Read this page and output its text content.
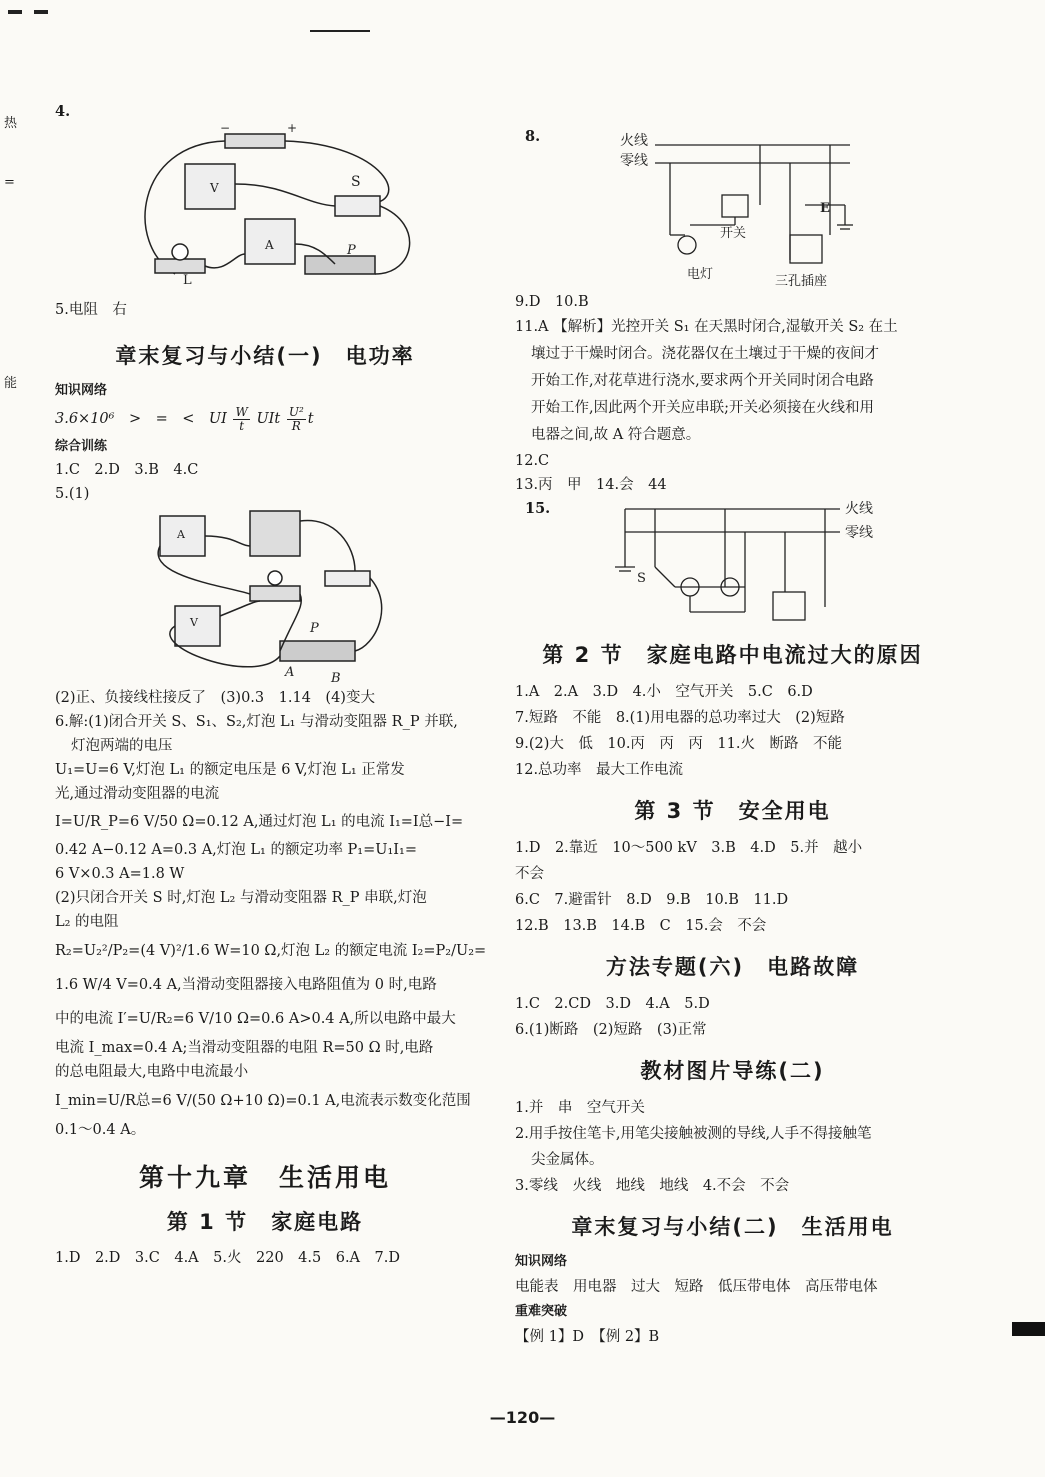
热
=
能
4.
V
A
S
P
L
−	+
5.电阻　右
章末复习与小结(一)　电功率
知识网络
3.6×10⁶　>　=　<　UI $\frac{W}{t}$ UIt $\frac{\text{U²}}{R}$ t
综合训练
1.C　2.D　3.B　4.C
5.(1)
A
V	P
A	B
(2)正、负接线柱接反了　(3)0.3　1.14　(4)变大
6.解:(1)闭合开关 S、S₁、S₂,灯泡 L₁ 与滑动变阻器 R_P 并联,
灯泡两端的电压
U₁=U=6 V,灯泡 L₁ 的额定电压是 6 V,灯泡 L₁ 正常发
光,通过滑动变阻器的电流
I=U/R_P=6 V/50 Ω=0.12 A,通过灯泡 L₁ 的电流 I₁=I总−I=
0.42 A−0.12 A=0.3 A,灯泡 L₁ 的额定功率 P₁=U₁I₁=
6 V×0.3 A=1.8 W
(2)只闭合开关 S 时,灯泡 L₂ 与滑动变阻器 R_P 串联,灯泡
L₂ 的电阻
R₂=U₂²/P₂=(4 V)²/1.6 W=10 Ω,灯泡 L₂ 的额定电流 I₂=P₂/U₂=
1.6 W/4 V=0.4 A,当滑动变阻器接入电路阻值为 0 时,电路
中的电流 I′=U/R₂=6 V/10 Ω=0.6 A>0.4 A,所以电路中最大
电流 I_max=0.4 A;当滑动变阻器的电阻 R=50 Ω 时,电路
的总电阻最大,电路中电流最小
I_min=U/R总=6 V/(50 Ω+10 Ω)=0.1 A,电流表示数变化范围
0.1～0.4 A。
第十九章　生活用电
第 1 节　家庭电路
1.D　2.D　3.C　4.A　5.火　220　4.5　6.A　7.D
8.	火线
零线
开关
电灯	三孔插座
E
9.D　10.B
11.A 【解析】光控开关 S₁ 在天黑时闭合,湿敏开关 S₂ 在土
壤过于干燥时闭合。浇花器仅在土壤过于干燥的夜间才
开始工作,对花草进行浇水,要求两个开关同时闭合电路
开始工作,因此两个开关应串联;开关必须接在火线和用
电器之间,故 A 符合题意。
12.C
13.丙　甲　14.会　44
15.	火线
零线
S
第 2 节　家庭电路中电流过大的原因
1.A　2.A　3.D　4.小　空气开关　5.C　6.D
7.短路　不能　8.(1)用电器的总功率过大　(2)短路
9.(2)大　低　10.丙　丙　丙　11.火　断路　不能
12.总功率　最大工作电流
第 3 节　安全用电
1.D　2.靠近　10～500 kV　3.B　4.D　5.并　越小
不会
6.C　7.避雷针　8.D　9.B　10.B　11.D
12.B　13.B　14.B　C　15.会　不会
方法专题(六)　电路故障
1.C　2.CD　3.D　4.A　5.D
6.(1)断路　(2)短路　(3)正常
教材图片导练(二)
1.并　串　空气开关
2.用手按住笔卡,用笔尖接触被测的导线,人手不得接触笔
尖金属体。
3.零线　火线　地线　地线　4.不会　不会
章末复习与小结(二)　生活用电
知识网络
电能表　用电器　过大　短路　低压带电体　高压带电体
重难突破
【例 1】D　【例 2】B
—120—
